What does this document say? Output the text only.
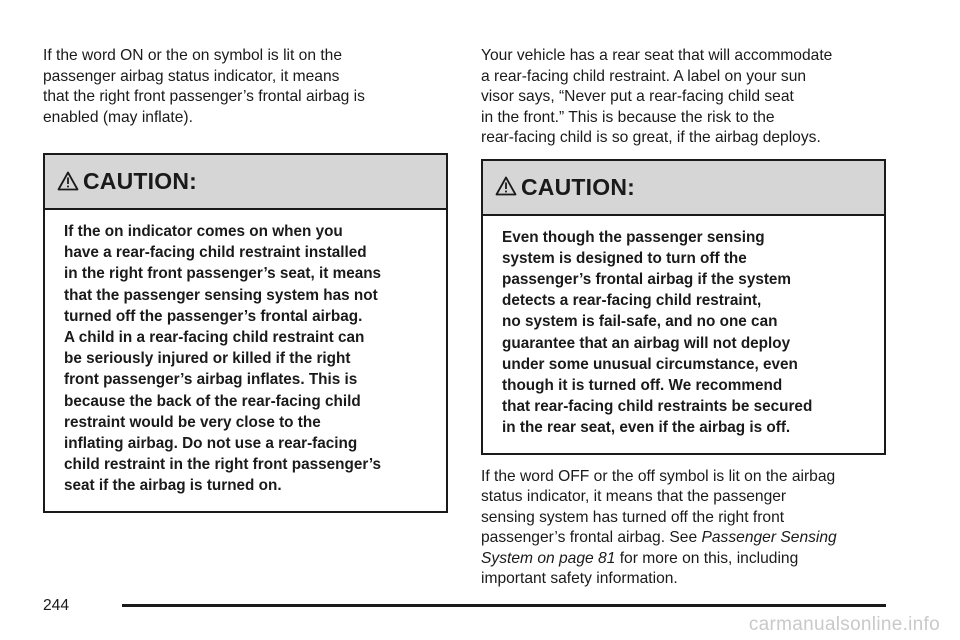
If the word ON or the on symbol is lit on the
passenger airbag status indicator, it means
that the right front passenger’s frontal airbag is
enabled (may inflate).

CAUTION:

If the on indicator comes on when you
have a rear-facing child restraint installed
in the right front passenger’s seat, it means
that the passenger sensing system has not
turned off the passenger’s frontal airbag.
A child in a rear-facing child restraint can
be seriously injured or killed if the right
front passenger’s airbag inflates. This is
because the back of the rear-facing child
restraint would be very close to the
inflating airbag. Do not use a rear-facing
child restraint in the right front passenger’s
seat if the airbag is turned on.

Your vehicle has a rear seat that will accommodate
a rear-facing child restraint. A label on your sun
visor says, “Never put a rear-facing child seat
in the front.” This is because the risk to the
rear-facing child is so great, if the airbag deploys.

CAUTION:

Even though the passenger sensing
system is designed to turn off the
passenger’s frontal airbag if the system
detects a rear-facing child restraint,
no system is fail-safe, and no one can
guarantee that an airbag will not deploy
under some unusual circumstance, even
though it is turned off. We recommend
that rear-facing child restraints be secured
in the rear seat, even if the airbag is off.

If the word OFF or the off symbol is lit on the airbag
status indicator, it means that the passenger
sensing system has turned off the right front
passenger’s frontal airbag. See Passenger Sensing
System on page 81 for more on this, including
important safety information.

244
carmanualsonline.info
